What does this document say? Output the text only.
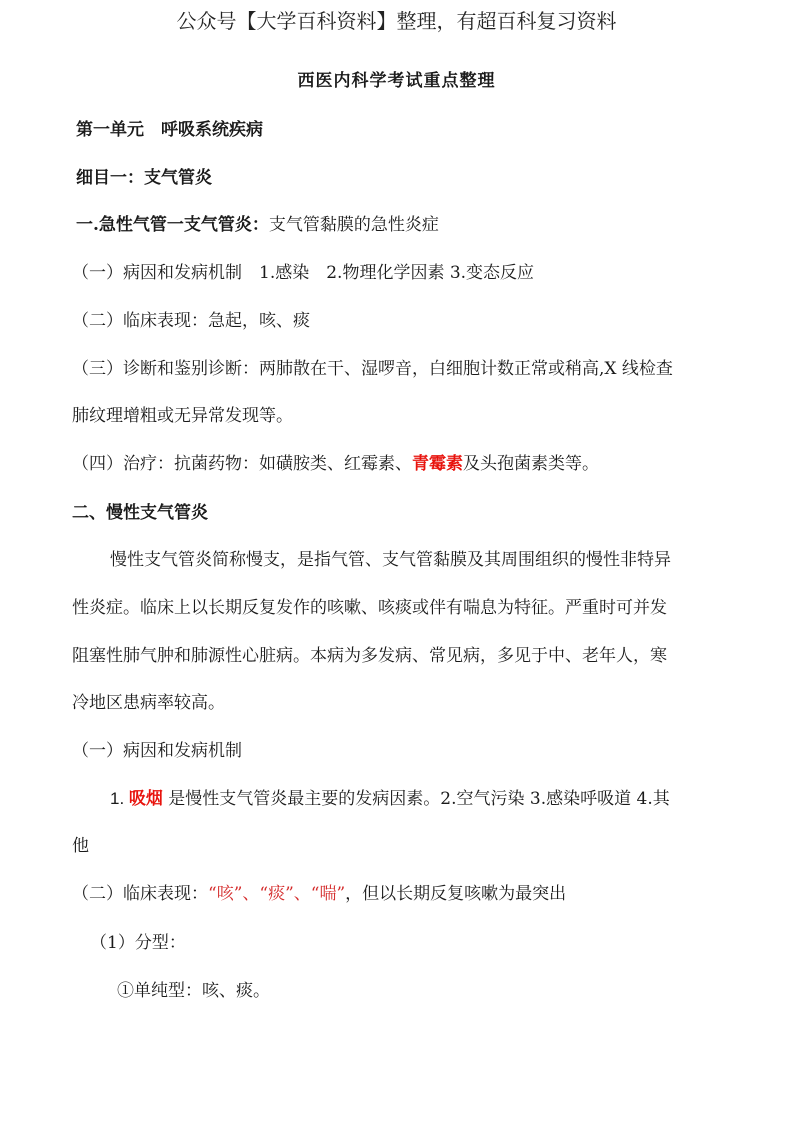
公众号【大学百科资料】整理，有超百科复习资料
西医内科学考试重点整理
第一单元　呼吸系统疾病
细目一：支气管炎
一.急性气管一支气管炎：支气管黏膜的急性炎症
（一）病因和发病机制　1.感染　2.物理化学因素 3.变态反应
（二）临床表现：急起，咳、痰
（三）诊断和鉴别诊断：两肺散在干、湿啰音，白细胞计数正常或稍高,X 线检查
肺纹理增粗或无异常发现等。
（四）治疗：抗菌药物：如磺胺类、红霉素、青霉素及头孢菌素类等。
二、慢性支气管炎
慢性支气管炎简称慢支，是指气管、支气管黏膜及其周围组织的慢性非特异
性炎症。临床上以长期反复发作的咳嗽、咳痰或伴有喘息为特征。严重时可并发
阻塞性肺气肿和肺源性心脏病。本病为多发病、常见病，多见于中、老年人，寒
冷地区患病率较高。
（一）病因和发病机制
1. 吸烟 是慢性支气管炎最主要的发病因素。2.空气污染 3.感染呼吸道 4.其
他
（二）临床表现：“咳”、“痰”、“喘”，但以长期反复咳嗽为最突出
（1）分型：
①单纯型：咳、痰。
